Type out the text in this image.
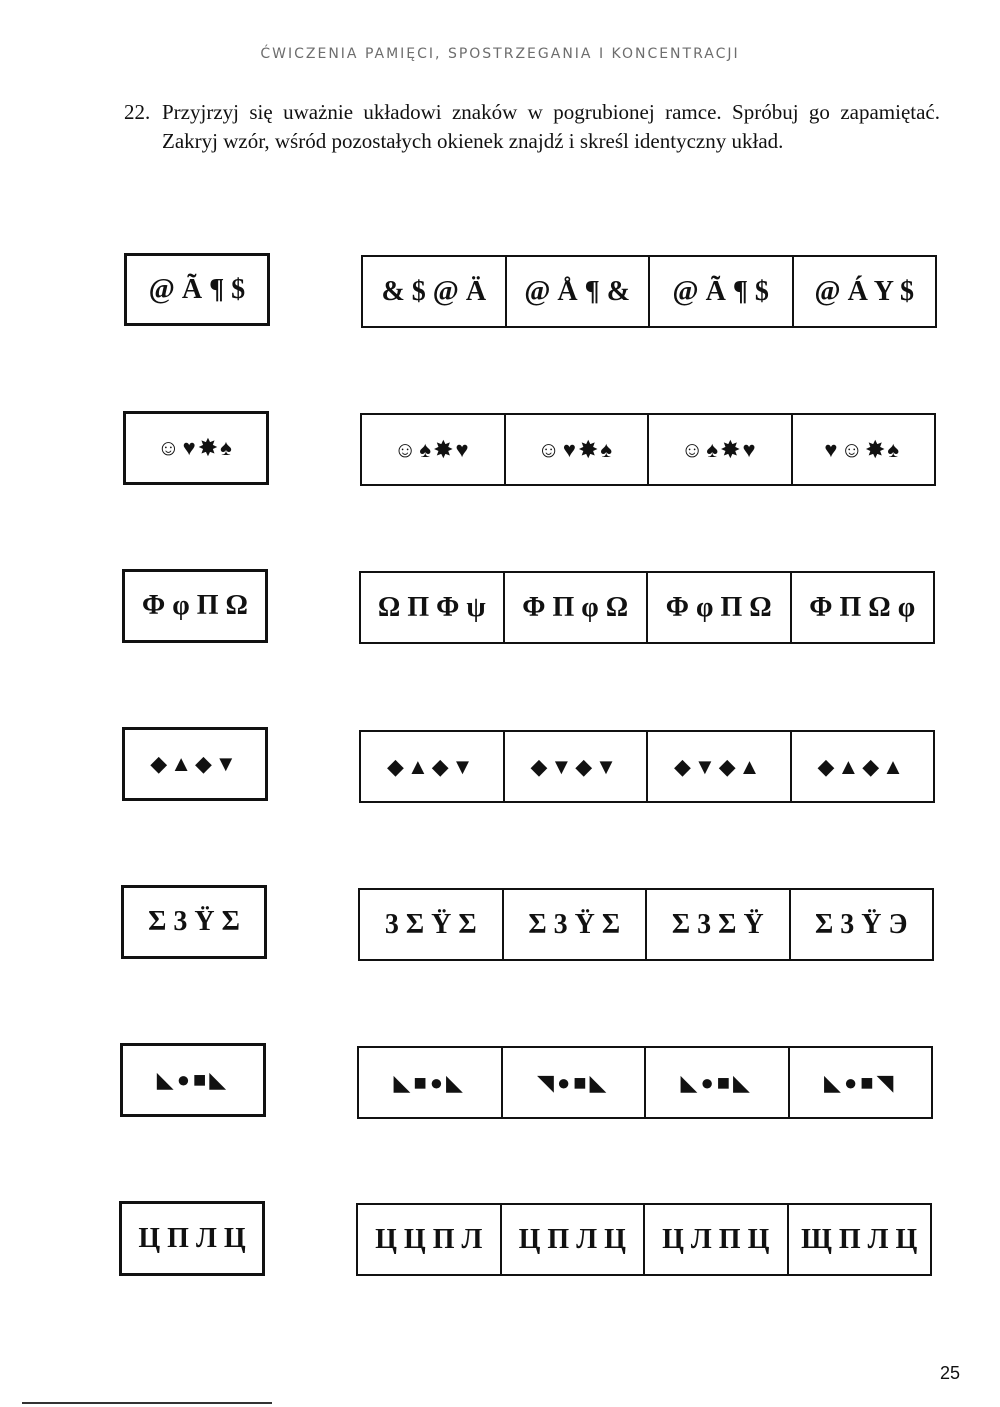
ĆWICZENIA PAMIĘCI, SPOSTRZEGANIA I KONCENTRACJI
22. Przyjrzyj się uważnie układowi znaków w pogrubionej ramce. Spróbuj go zapamiętać. Zakryj wzór, wśród pozostałych okienek znajdź i skreśl identyczny układ.
@ Ã ¶ $	& $ @ Ä	@ Å ¶ &	@ Ã ¶ $	@ Á Y $
☺♥✸♠	☺♠✸♥	☺♥✸♠	☺♠✸♥	♥☺✸♠
Φ φ Π Ω	Ω Π Φ ψ	Φ Π φ Ω	Φ φ Π Ω	Φ Π Ω φ
◆▲◆▼	◆▲◆▼	◆▼◆▼	◆▼◆▲	◆▲◆▲
Σ 3 Ÿ Σ	3 Σ Ÿ Σ	Σ 3 Ÿ Σ	Σ 3 Σ Ÿ	Σ 3 Ÿ Э
◣●■◣	◣■●◣	◥●■◣	◣●■◣	◣●■◥
Ц П Л Ц	Ц Ц П Л	Ц П Л Ц	Ц Л П Ц	Щ П Л Ц
25
